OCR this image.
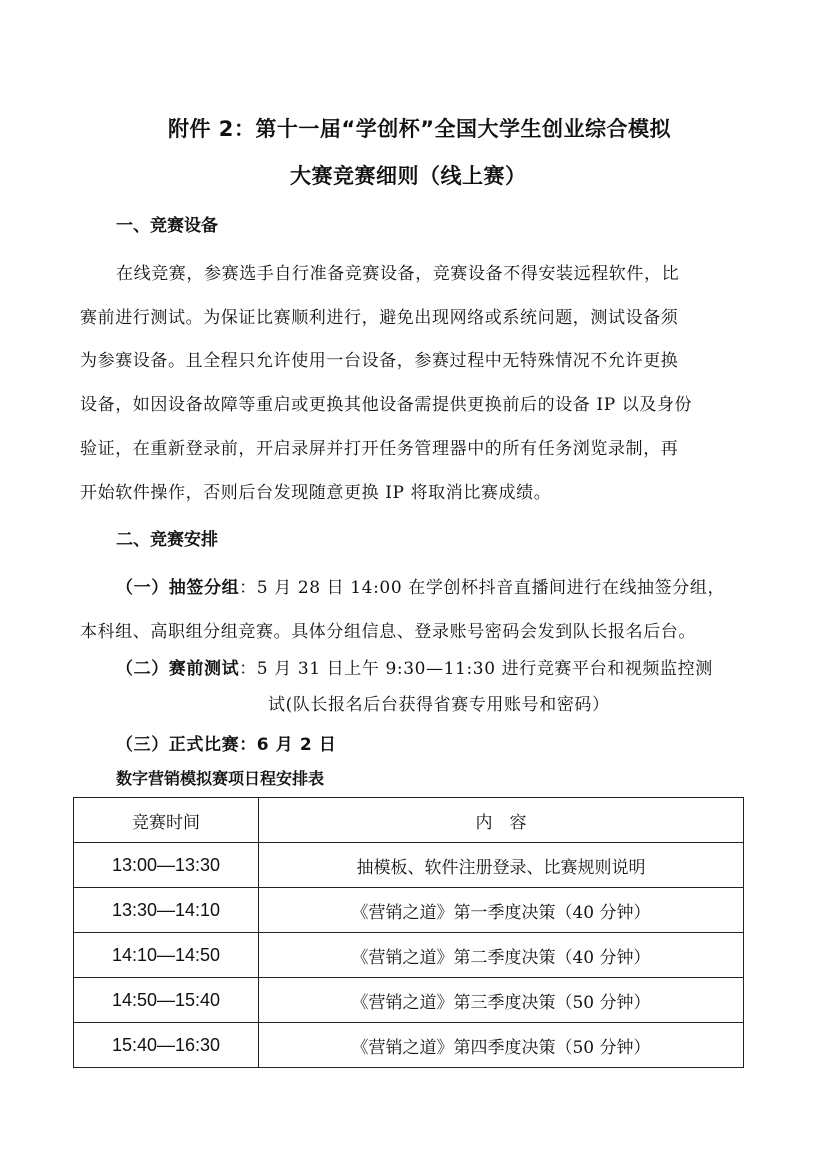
附件 2：第十一届“学创杯”全国大学生创业综合模拟

大赛竞赛细则（线上赛）

一、竞赛设备

在线竞赛，参赛选手自行准备竞赛设备，竞赛设备不得安装远程软件，比

赛前进行测试。为保证比赛顺利进行，避免出现网络或系统问题，测试设备须

为参赛设备。且全程只允许使用一台设备，参赛过程中无特殊情况不允许更换

设备，如因设备故障等重启或更换其他设备需提供更换前后的设备 IP 以及身份

验证，在重新登录前，开启录屏并打开任务管理器中的所有任务浏览录制，再

开始软件操作，否则后台发现随意更换 IP 将取消比赛成绩。

二、竞赛安排

（一）抽签分组：5 月 28 日 14:00 在学创杯抖音直播间进行在线抽签分组，

本科组、高职组分组竞赛。具体分组信息、登录账号密码会发到队长报名后台。

（二）赛前测试：5 月 31 日上午 9:30—11:30 进行竞赛平台和视频监控测

试(队长报名后台获得省赛专用账号和密码）

（三）正式比赛：6 月 2 日

数字营销模拟赛项日程安排表

竞赛时间	内　容
13:00—13:30	抽模板、软件注册登录、比赛规则说明
13:30—14:10	《营销之道》第一季度决策（40 分钟）
14:10—14:50	《营销之道》第二季度决策（40 分钟）
14:50—15:40	《营销之道》第三季度决策（50 分钟）
15:40—16:30	《营销之道》第四季度决策（50 分钟）
